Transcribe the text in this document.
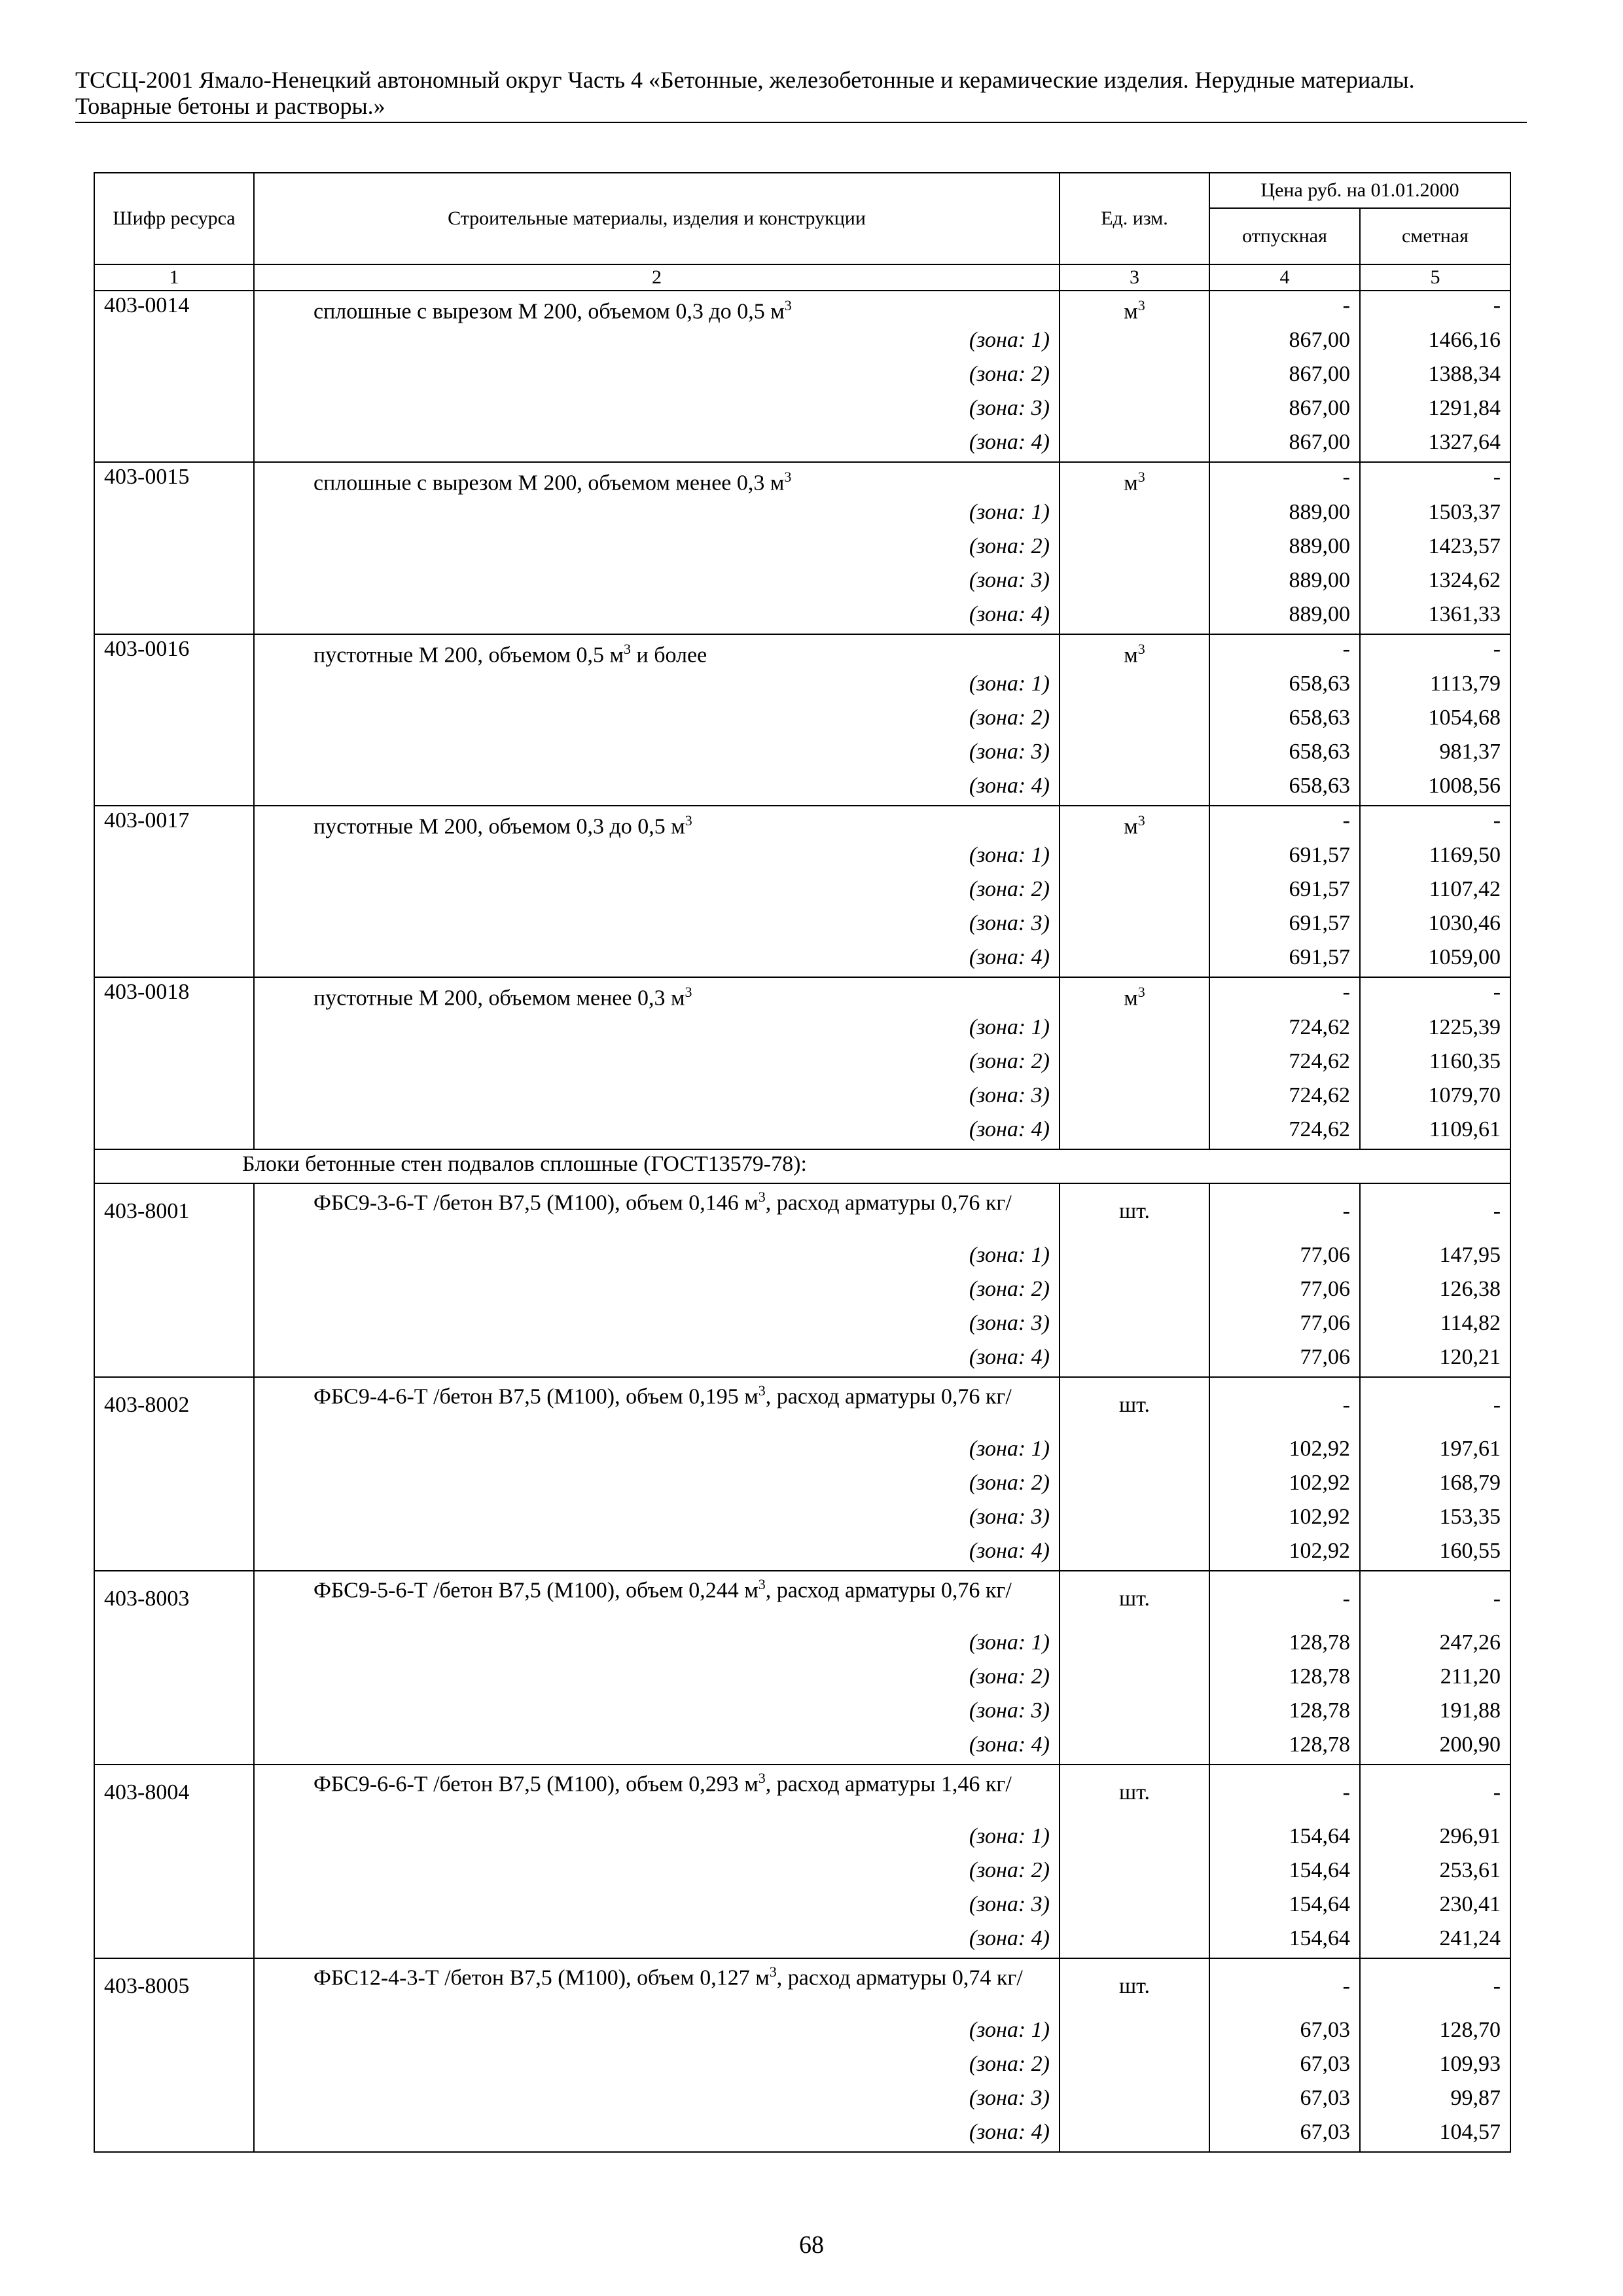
ТССЦ-2001 Ямало-Ненецкий автономный округ Часть 4 «Бетонные, железобетонные и керамические изделия. Нерудные материалы.
Товарные бетоны и растворы.»
Шифр ресурса	Строительные материалы, изделия и конструкции	Ед. изм.	Цена руб. на 01.01.2000	
			отпускная	сметная
1	2	3	4	5
403-0014	сплошные с вырезом М 200, объемом 0,3 до 0,5 $м^3$	$м^3$	-	-
	(зона: 1)		867,00	1466,16
	(зона: 2)		867,00	1388,34
	(зона: 3)		867,00	1291,84
	(зона: 4)		867,00	1327,64
403-0015	сплошные с вырезом М 200, объемом менее 0,3 $м^3$	$м^3$	-	-
	(зона: 1)		889,00	1503,37
	(зона: 2)		889,00	1423,57
	(зона: 3)		889,00	1324,62
	(зона: 4)		889,00	1361,33
403-0016	пустотные М 200, объемом 0,5 $м^3$ и более	$м^3$	-	-
	(зона: 1)		658,63	1113,79
	(зона: 2)		658,63	1054,68
	(зона: 3)		658,63	981,37
	(зона: 4)		658,63	1008,56
403-0017	пустотные М 200, объемом 0,3 до 0,5 $м^3$	$м^3$	-	-
	(зона: 1)		691,57	1169,50
	(зона: 2)		691,57	1107,42
	(зона: 3)		691,57	1030,46
	(зона: 4)		691,57	1059,00
403-0018	пустотные М 200, объемом менее 0,3 $м^3$	$м^3$	-	-
	(зона: 1)		724,62	1225,39
	(зона: 2)		724,62	1160,35
	(зона: 3)		724,62	1079,70
	(зона: 4)		724,62	1109,61
Блоки бетонные стен подвалов сплошные (ГОСТ13579-78):				
403-8001	ФБС9-3-6-Т /бетон В7,5 (М100), объем 0,146 $м^3$, расход арматуры 0,76 кг/	шт.	-	-
	(зона: 1)		77,06	147,95
	(зона: 2)		77,06	126,38
	(зона: 3)		77,06	114,82
	(зона: 4)		77,06	120,21
403-8002	ФБС9-4-6-Т /бетон В7,5 (М100), объем 0,195 $м^3$, расход арматуры 0,76 кг/	шт.	-	-
	(зона: 1)		102,92	197,61
	(зона: 2)		102,92	168,79
	(зона: 3)		102,92	153,35
	(зона: 4)		102,92	160,55
403-8003	ФБС9-5-6-Т /бетон В7,5 (М100), объем 0,244 $м^3$, расход арматуры 0,76 кг/	шт.	-	-
	(зона: 1)		128,78	247,26
	(зона: 2)		128,78	211,20
	(зона: 3)		128,78	191,88
	(зона: 4)		128,78	200,90
403-8004	ФБС9-6-6-Т /бетон В7,5 (М100), объем 0,293 $м^3$, расход арматуры 1,46 кг/	шт.	-	-
	(зона: 1)		154,64	296,91
	(зона: 2)		154,64	253,61
	(зона: 3)		154,64	230,41
	(зона: 4)		154,64	241,24
403-8005	ФБС12-4-3-Т /бетон В7,5 (М100), объем 0,127 $м^3$, расход арматуры 0,74 кг/	шт.	-	-
	(зона: 1)		67,03	128,70
	(зона: 2)		67,03	109,93
	(зона: 3)		67,03	99,87
	(зона: 4)		67,03	104,57
68
